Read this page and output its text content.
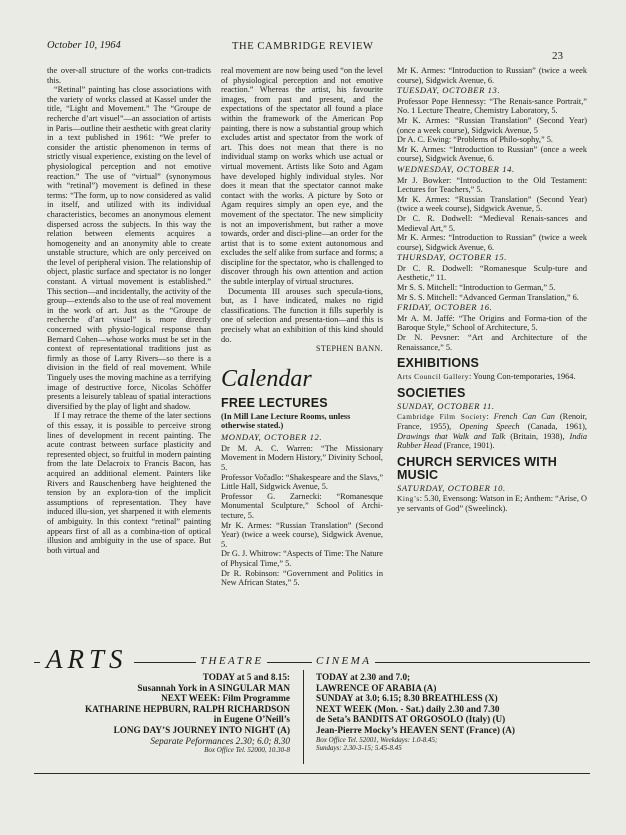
October 10, 1964	THE CAMBRIDGE REVIEW
23

the over-all structure of the works con-tradicts this.

“Retinal” painting has close associations with the variety of works classed at Kassel under the title, “Light and Movement.” The “Groupe de recherche d’art visuel”—an association of artists in Paris—outline their aesthetic with great clarity in a text published in 1961: “We prefer to consider the artistic phenomenon in terms of strictly visual experience, existing on the level of physiological perception and not emotive reaction.” The use of “virtual” (synonymous with “retinal”) movement is defined in these terms: “The form, up to now considered as valid in itself, and utilized with its individual characteristics, becomes an anonymous element dispersed across the subjects. In this way the relation between elements acquires a homogeneity and an anonymity able to create unstable structure, which are only perceived on the level of peripheral vision. The relationship of object, plastic surface and spectator is no longer constant. A virtual movement is established.” This section—and incidentally, the activity of the group—extends also to the use of real movement in the work of art. Just as the “Groupe de recherche d’art visuel” is more directly concerned with physio-logical response than Bernard Cohen—whose works must be set in the context of representational traditions just as firmly as those of Larry Rivers—so there is a division in the field of real movement. While Tinguely uses the moving machine as a terrifying image of destructive force, Nicolas Schöffer presents a leisurely tableau of spatial interactions diversified by the play of light and shadow.

If I may retrace the theme of the later sections of this essay, it is possible to perceive strong lines of development in recent painting. The acute contrast between surface plasticity and represented object, so fruitful in modern painting from the late Delacroix to Francis Bacon, has acquired an additional element. Painters like Rivers and Rauschenberg have heightened the tension by an explora-tion of the implicit assumptions of representation. They have induced illu-sion, yet sharpened it with elements of ambiguity. In this context “retinal” painting appears first of all as a combina-tion of optical illusion and ambiguity in the use of space. But both virtual and

real movement are now being used “on the level of physiological perception and not emotive reaction.” Whereas the artist, his favourite images, from past and present, and the expectations of the spectator all found a place within the framework of the American Pop painting, there is now a substantial group which excludes artist and spectator from the work of art. This does not mean that there is no individual stamp on works which use actual or virtual movement. Artists like Soto and Agam have developed highly individual styles. Nor does it mean that the spectator cannot make contact with the works. A picture by Soto or Agam requires simply an open eye, and the movement of the spectator. The new simplicity is not an impoverishment, but rather a move towards, order and disci-pline—an order for the artist that is to some extent autonomous and excludes the self alike from surface and forms; a discipline for the spectator, who is challenged to discover through his own attention and action the subtle interplay of virtual structures.

Documenta III arouses such specula-tions, but, as I have indicated, makes no rigid classifications. The function it fills superbly is one of selection and presenta-tion—and this is precisely what an exhibition of this kind should do.

STEPHEN BANN.
Calendar
FREE LECTURES
(In Mill Lane Lecture Rooms, unless otherwise stated.)
MONDAY, OCTOBER 12.

Dr M. A. C. Warren: “The Missionary Movement in Modern History,” Divinity School, 5.

Professor Vočadlo: “Shakespeare and the Slavs,” Little Hall, Sidgwick Avenue, 5.

Professor G. Zarnecki: “Romanesque Monumental Sculpture,” School of Archi-tecture, 5.

Mr K. Armes: “Russian Translation” (Second Year) (twice a week course), Sidgwick Avenue, 5.

Dr G. J. Whitrow: “Aspects of Time: The Nature of Physical Time,” 5.

Dr R. Robinson: “Government and Politics in New African States,” 5.

Mr K. Armes: “Introduction to Russian” (twice a week course), Sidgwick Avenue, 6.

TUESDAY, OCTOBER 13.

Professor Pope Hennessy: “The Renais-sance Portrait,” No. 1 Lecture Theatre, Chemistry Laboratory, 5.

Mr K. Armes: “Russian Translation” (Second Year) (once a week course), Sidgwick Avenue, 5

Dr A. C. Ewing: “Problems of Philo-sophy,” 5.

Mr K. Armes: “Introduction to Russian” (once a week course), Sidgwick Avenue, 6.

WEDNESDAY, OCTOBER 14.

Mr J. Bowker: “Introduction to the Old Testament: Lectures for Teachers,” 5.

Mr K. Armes: “Russian Translation” (Second Year) (twice a week course), Sidgwick Avenue, 5.

Dr C. R. Dodwell: “Medieval Renais-sances and Medieval Art,” 5.

Mr K. Armes: “Introduction to Russian” (twice a week course), Sidgwick Avenue, 6.

THURSDAY, OCTOBER 15.

Dr C. R. Dodwell: “Romanesque Sculp-ture and Aesthetic,” 11.

Mr S. S. Mitchell: “Introduction to German,” 5.

Mr S. S. Mitchell: “Advanced German Translation,” 6.

FRIDAY, OCTOBER 16.

Mr A. M. Jaffé: “The Origins and Forma-tion of the Baroque Style,” School of Architecture, 5.

Dr N. Pevsner: “Art and Architecture of the Renaissance,” 5.

EXHIBITIONS

Arts Council Gallery: Young Con-temporaries, 1964.

SOCIETIES
SUNDAY, OCTOBER 11.

Cambridge Film Society: French Can Can (Renoir, France, 1955), Opening Speech (Canada, 1961), Drawings that Walk and Talk (Britain, 1938), India Rubber Head (France, 1901).

CHURCH SERVICES WITH MUSIC
SATURDAY, OCTOBER 10.

King’s: 5.30, Evensong: Watson in E; Anthem: “Arise, O ye servants of God” (Sweelinck).

ARTS	THEATRE	CINEMA
TODAY at 5 and 8.15:
Susannah York in A SINGULAR MAN
NEXT WEEK: Film Programme
KATHARINE HEPBURN, RALPH RICHARDSON
in Eugene O’Neill’s
LONG DAY’S JOURNEY INTO NIGHT (A)
Separate Peformances 2.30; 6.0; 8.30
Box Office Tel. 52000, 10.30-8
TODAY at 2.30 and 7.0;
LAWRENCE OF ARABIA (A)
SUNDAY at 3.0; 6.15; 8.30 BREATHLESS (X)
NEXT WEEK (Mon. - Sat.) daily 2.30 and 7.30
de Seta’s BANDITS AT ORGOSOLO (Italy) (U)
Jean-Pierre Mocky’s HEAVEN SENT (France) (A)
Box Office Tel. 52001, Weekdays: 1.0-8.45;
Sundays: 2.30-3-15; 5.45-8.45
